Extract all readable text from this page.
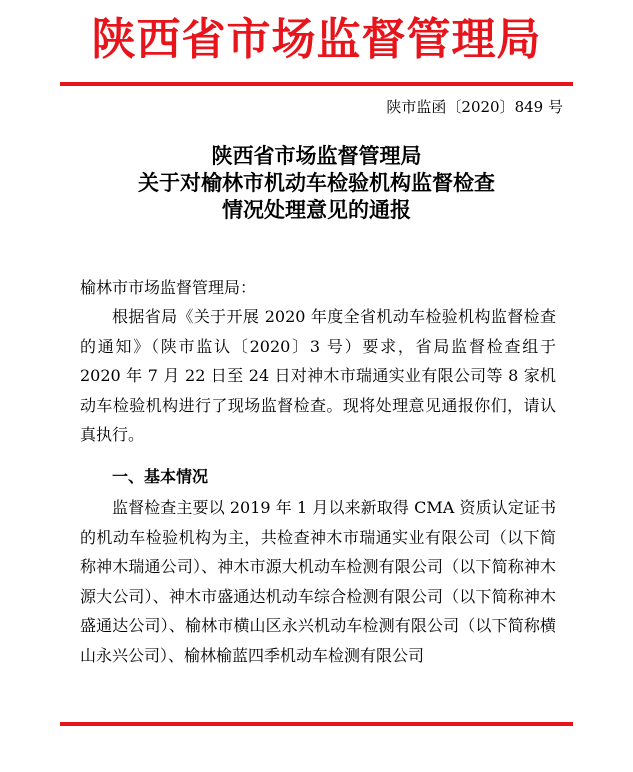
陕西省市场监督管理局
陕市监函〔2020〕849 号
陕西省市场监督管理局
关于对榆林市机动车检验机构监督检查
情况处理意见的通报
榆林市市场监督管理局：
根据省局《关于开展 2020 年度全省机动车检验机构监督检查的通知》（陕市监认〔2020〕3 号）要求，省局监督检查组于 2020 年 7 月 22 日至 24 日对神木市瑞通实业有限公司等 8 家机动车检验机构进行了现场监督检查。现将处理意见通报你们，请认真执行。
一、基本情况
监督检查主要以 2019 年 1 月以来新取得 CMA 资质认定证书的机动车检验机构为主，共检查神木市瑞通实业有限公司（以下简称神木瑞通公司）、神木市源大机动车检测有限公司（以下简称神木源大公司）、神木市盛通达机动车综合检测有限公司（以下简称神木盛通达公司）、榆林市横山区永兴机动车检测有限公司（以下简称横山永兴公司）、榆林榆蓝四季机动车检测有限公司
